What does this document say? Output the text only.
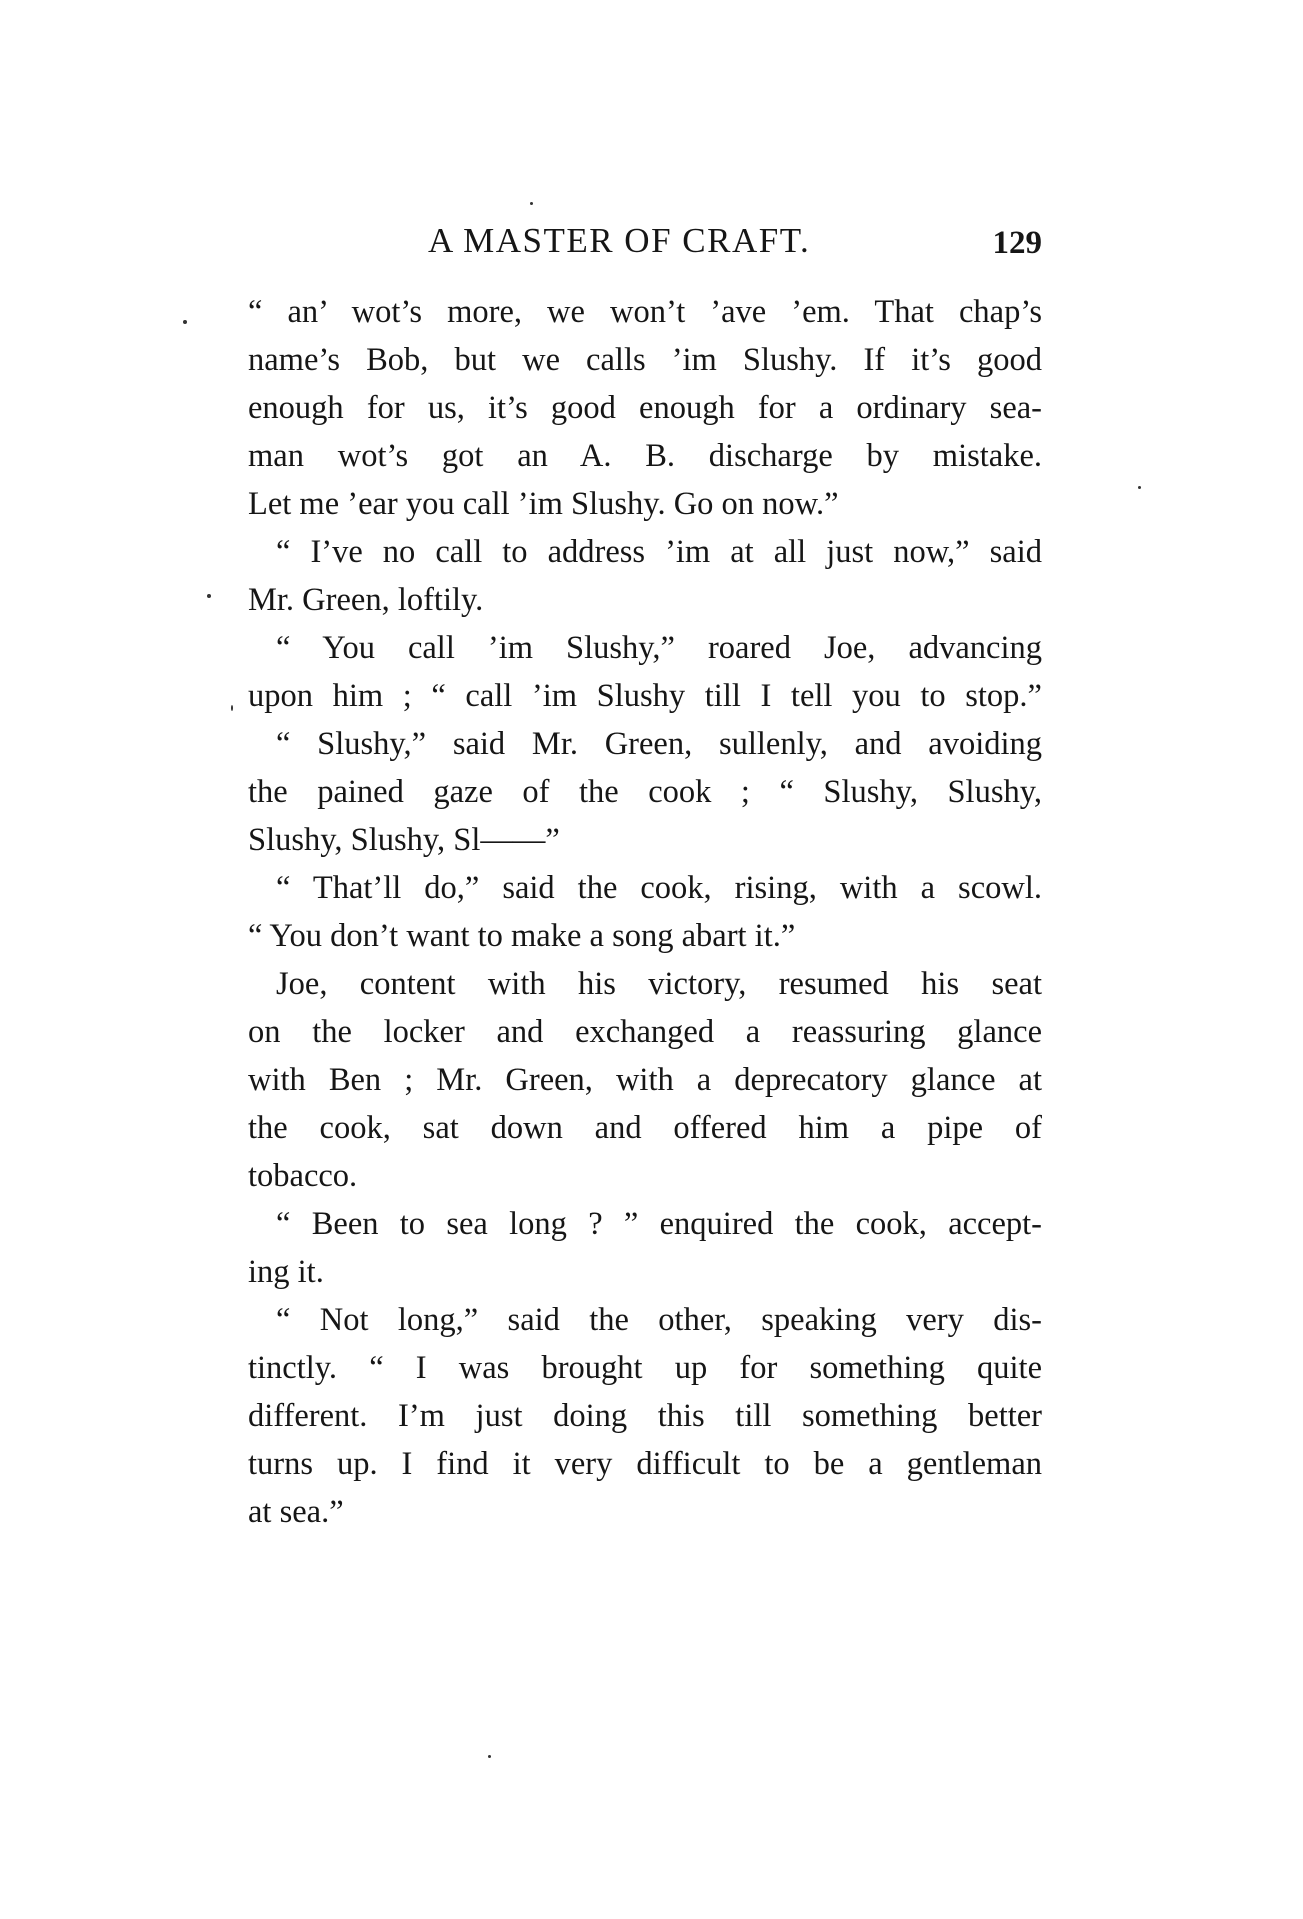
A MASTER OF CRAFT.	129

“ an’ wot’s more, we won’t ’ave ’em. That chap’s
name’s Bob, but we calls ’im Slushy. If it’s good
enough for us, it’s good enough for a ordinary sea-
man wot’s got an A. B. discharge by mistake.
Let me ’ear you call ’im Slushy. Go on now.”

“ I’ve no call to address ’im at all just now,” said
Mr. Green, loftily.

“ You call ’im Slushy,” roared Joe, advancing
upon him ; “ call ’im Slushy till I tell you to stop.”

“ Slushy,” said Mr. Green, sullenly, and avoiding
the pained gaze of the cook ; “ Slushy, Slushy,
Slushy, Slushy, Sl——”

“ That’ll do,” said the cook, rising, with a scowl.
“ You don’t want to make a song abart it.”

Joe, content with his victory, resumed his seat
on the locker and exchanged a reassuring glance
with Ben ; Mr. Green, with a deprecatory glance at
the cook, sat down and offered him a pipe of
tobacco.

“ Been to sea long ? ” enquired the cook, accept-
ing it.

“ Not long,” said the other, speaking very dis-
tinctly. “ I was brought up for something quite
different. I’m just doing this till something better
turns up. I find it very difficult to be a gentleman
at sea.”
